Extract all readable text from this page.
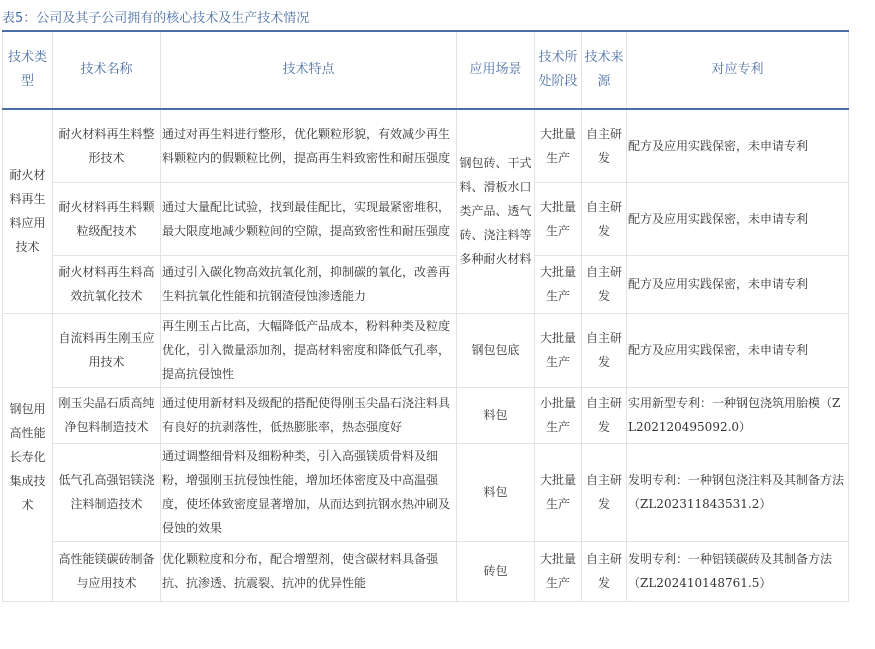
表5：公司及其子公司拥有的核心技术及生产技术情况
技术类型	技术名称	技术特点	应用场景	技术所处阶段	技术来源	对应专利
耐火材料再生料应用技术	耐火材料再生料整形技术	通过对再生料进行整形，优化颗粒形貌，有效减少再生料颗粒内的假颗粒比例，提高再生料致密性和耐压强度	钢包砖、干式料、滑板水口类产品、透气砖、浇注料等多种耐火材料	大批量生产	自主研发	配方及应用实践保密，未申请专利
	耐火材料再生料颗粒级配技术	通过大量配比试验，找到最佳配比，实现最紧密堆积，最大限度地减少颗粒间的空隙，提高致密性和耐压强度		大批量生产	自主研发	配方及应用实践保密，未申请专利
	耐火材料再生料高效抗氧化技术	通过引入碳化物高效抗氧化剂，抑制碳的氧化，改善再生料抗氧化性能和抗钢渣侵蚀渗透能力		大批量生产	自主研发	配方及应用实践保密，未申请专利
钢包用高性能长寿化集成技术	自流料再生刚玉应用技术	再生刚玉占比高，大幅降低产品成本，粉料种类及粒度优化，引入微量添加剂，提高材料密度和降低气孔率，提高抗侵蚀性	钢包包底	大批量生产	自主研发	配方及应用实践保密，未申请专利
	刚玉尖晶石质高纯净包料制造技术	通过使用新材料及级配的搭配使得刚玉尖晶石浇注料具有良好的抗剥落性，低热膨胀率，热态强度好	料包	小批量生产	自主研发	实用新型专利：一种钢包浇筑用胎模（ZL202120495092.0）
	低气孔高强铝镁浇注料制造技术	通过调整细骨料及细粉种类，引入高强镁质骨料及细粉，增强刚玉抗侵蚀性能，增加坯体密度及中高温强度，使坯体致密度显著增加，从而达到抗钢水热冲刷及侵蚀的效果	料包	大批量生产	自主研发	发明专利：一种钢包浇注料及其制备方法（ZL202311843531.2）
	高性能镁碳砖制备与应用技术	优化颗粒度和分布，配合增塑剂，使含碳材料具备强抗、抗渗透、抗震裂、抗冲的优异性能	砖包	大批量生产	自主研发	发明专利：一种铝镁碳砖及其制备方法（ZL202410148761.5）
